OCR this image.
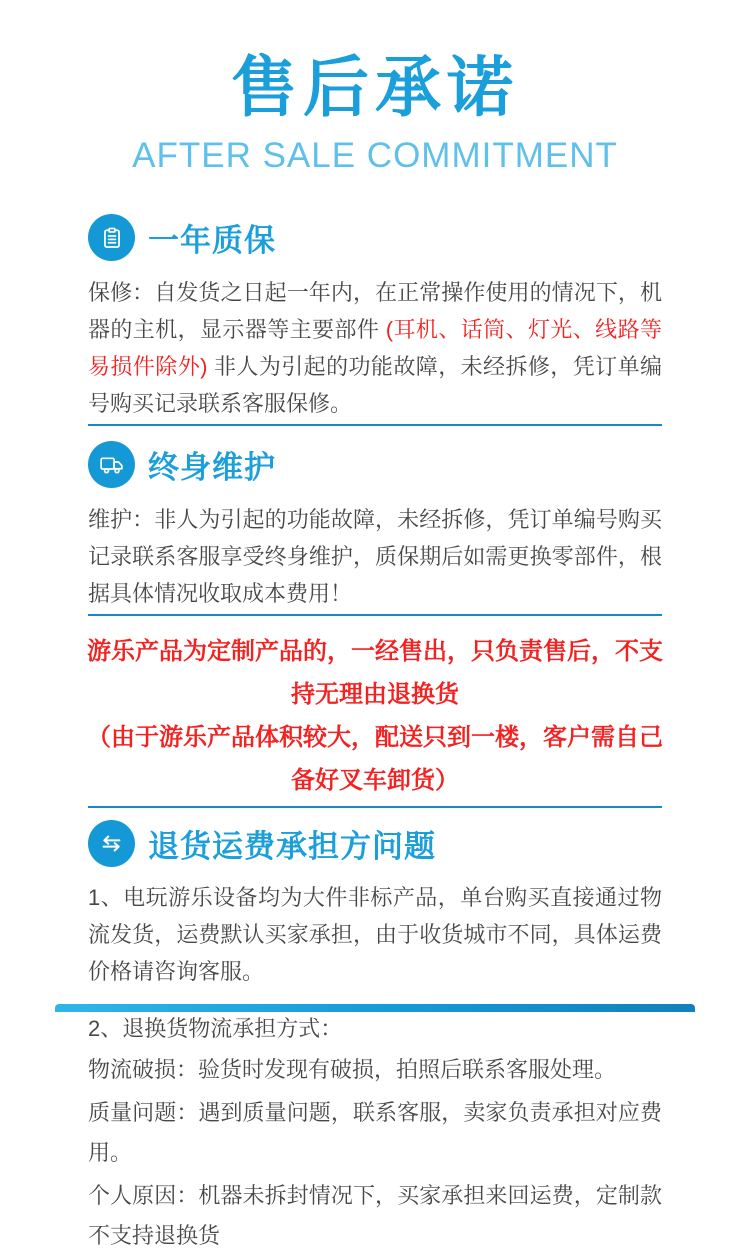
售后承诺
AFTER SALE COMMITMENT
一年质保

保修：自发货之日起一年内，在正常操作使用的情况下，机器的主机，显示器等主要部件 (耳机、话筒、灯光、线路等易损件除外) 非人为引起的功能故障，未经拆修，凭订单编号购买记录联系客服保修。

终身维护

维护：非人为引起的功能故障，未经拆修，凭订单编号购买记录联系客服享受终身维护，质保期后如需更换零部件，根据具体情况收取成本费用！

游乐产品为定制产品的，一经售出，只负责售后，不支持无理由退换货

（由于游乐产品体积较大，配送只到一楼，客户需自己备好叉车卸货）

退货运费承担方问题

1、电玩游乐设备均为大件非标产品，单台购买直接通过物流发货，运费默认买家承担，由于收货城市不同，具体运费价格请咨询客服。

2、退换货物流承担方式：

物流破损：验货时发现有破损，拍照后联系客服处理。

质量问题：遇到质量问题，联系客服，卖家负责承担对应费用。

个人原因：机器未拆封情况下，买家承担来回运费，定制款不支持退换货
